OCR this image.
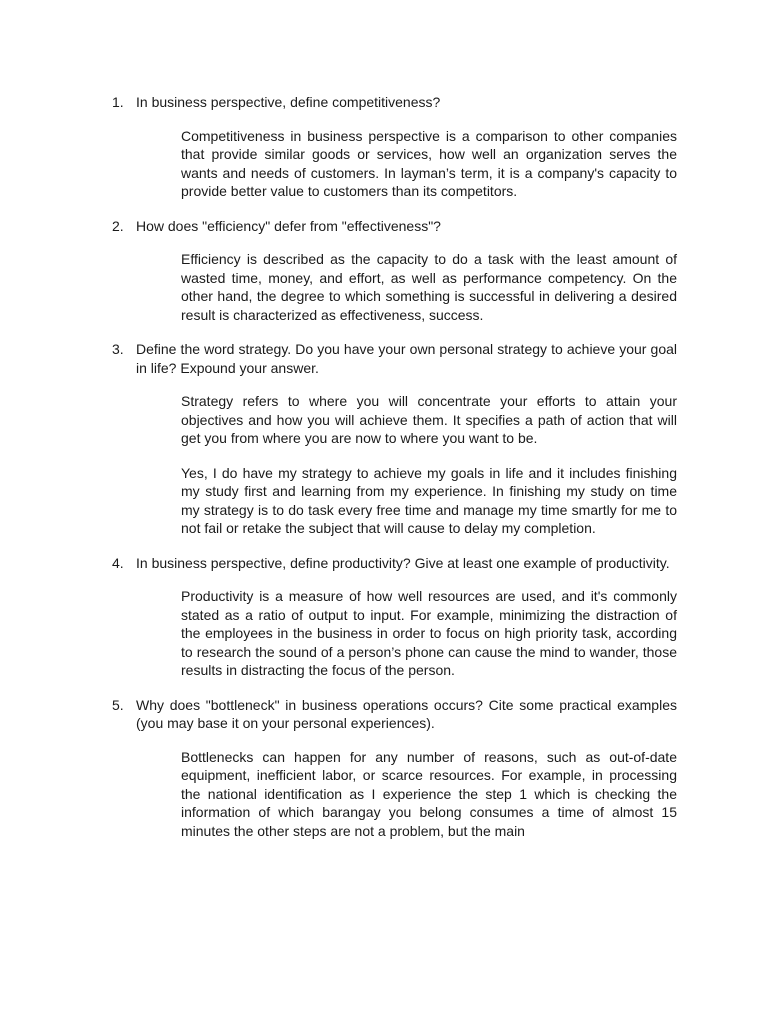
1. In business perspective, define competitiveness?
Competitiveness in business perspective is a comparison to other companies that provide similar goods or services, how well an organization serves the wants and needs of customers. In layman’s term, it is a company's capacity to provide better value to customers than its competitors.
2. How does "efficiency" defer from "effectiveness"?
Efficiency is described as the capacity to do a task with the least amount of wasted time, money, and effort, as well as performance competency. On the other hand, the degree to which something is successful in delivering a desired result is characterized as effectiveness, success.
3. Define the word strategy. Do you have your own personal strategy to achieve your goal in life? Expound your answer.
Strategy refers to where you will concentrate your efforts to attain your objectives and how you will achieve them. It specifies a path of action that will get you from where you are now to where you want to be.
Yes, I do have my strategy to achieve my goals in life and it includes finishing my study first and learning from my experience. In finishing my study on time my strategy is to do task every free time and manage my time smartly for me to not fail or retake the subject that will cause to delay my completion.
4. In business perspective, define productivity? Give at least one example of productivity.
Productivity is a measure of how well resources are used, and it's commonly stated as a ratio of output to input. For example, minimizing the distraction of the employees in the business in order to focus on high priority task, according to research the sound of a person’s phone can cause the mind to wander, those results in distracting the focus of the person.
5. Why does "bottleneck" in business operations occurs? Cite some practical examples (you may base it on your personal experiences).
Bottlenecks can happen for any number of reasons, such as out-of-date equipment, inefficient labor, or scarce resources. For example, in processing the national identification as I experience the step 1 which is checking the information of which barangay you belong consumes a time of almost 15 minutes the other steps are not a problem, but the main
